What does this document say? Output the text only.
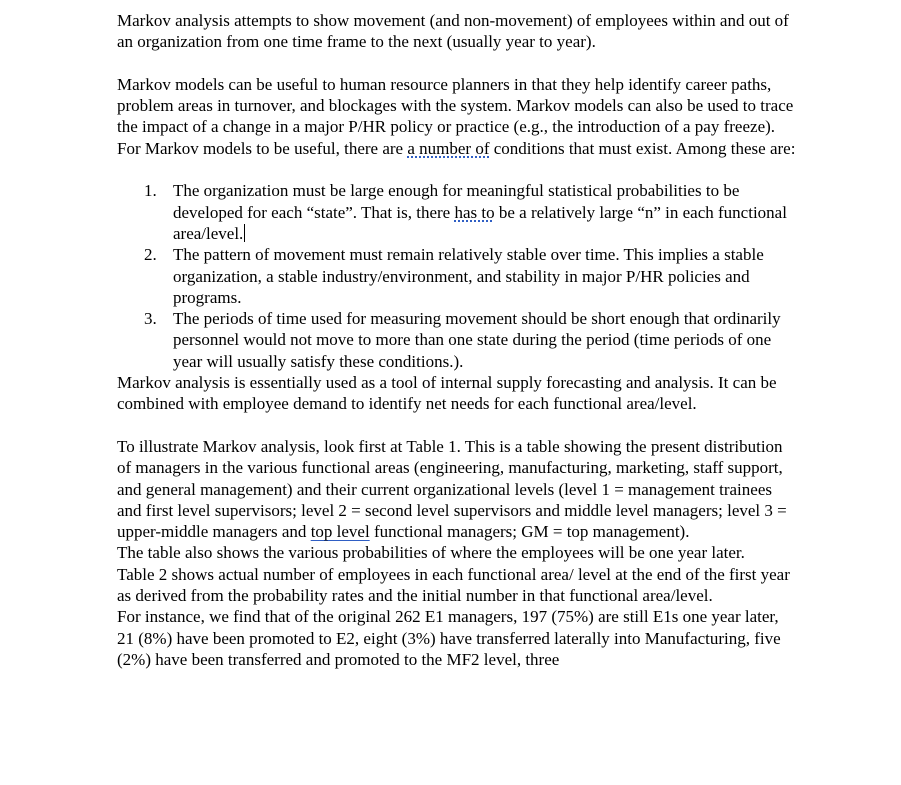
Markov analysis attempts to show movement (and non-movement) of employees within and out of an organization from one time frame to the next (usually year to year).

Markov models can be useful to human resource planners in that they help identify career paths, problem areas in turnover, and blockages with the system. Markov models can also be used to trace the impact of a change in a major P/HR policy or practice (e.g., the introduction of a pay freeze). For Markov models to be useful, there are a number of conditions that must exist. Among these are:

1. The organization must be large enough for meaningful statistical probabilities to be developed for each “state”. That is, there has to be a relatively large “n” in each functional area/level.
2. The pattern of movement must remain relatively stable over time. This implies a stable organization, a stable industry/environment, and stability in major P/HR policies and programs.
3. The periods of time used for measuring movement should be short enough that ordinarily personnel would not move to more than one state during the period (time periods of one year will usually satisfy these conditions.).

Markov analysis is essentially used as a tool of internal supply forecasting and analysis. It can be combined with employee demand to identify net needs for each functional area/level.

To illustrate Markov analysis, look first at Table 1. This is a table showing the present distribution of managers in the various functional areas (engineering, manufacturing, marketing, staff support, and general management) and their current organizational levels (level 1 = management trainees and first level supervisors; level 2 = second level supervisors and middle level managers; level 3 = upper-middle managers and top level functional managers; GM = top management).

The table also shows the various probabilities of where the employees will be one year later.

Table 2 shows actual number of employees in each functional area/ level at the end of the first year as derived from the probability rates and the initial number in that functional area/level.

For instance, we find that of the original 262 E1 managers, 197 (75%) are still E1s one year later, 21 (8%) have been promoted to E2, eight (3%) have transferred laterally into Manufacturing, five (2%) have been transferred and promoted to the MF2 level, three
